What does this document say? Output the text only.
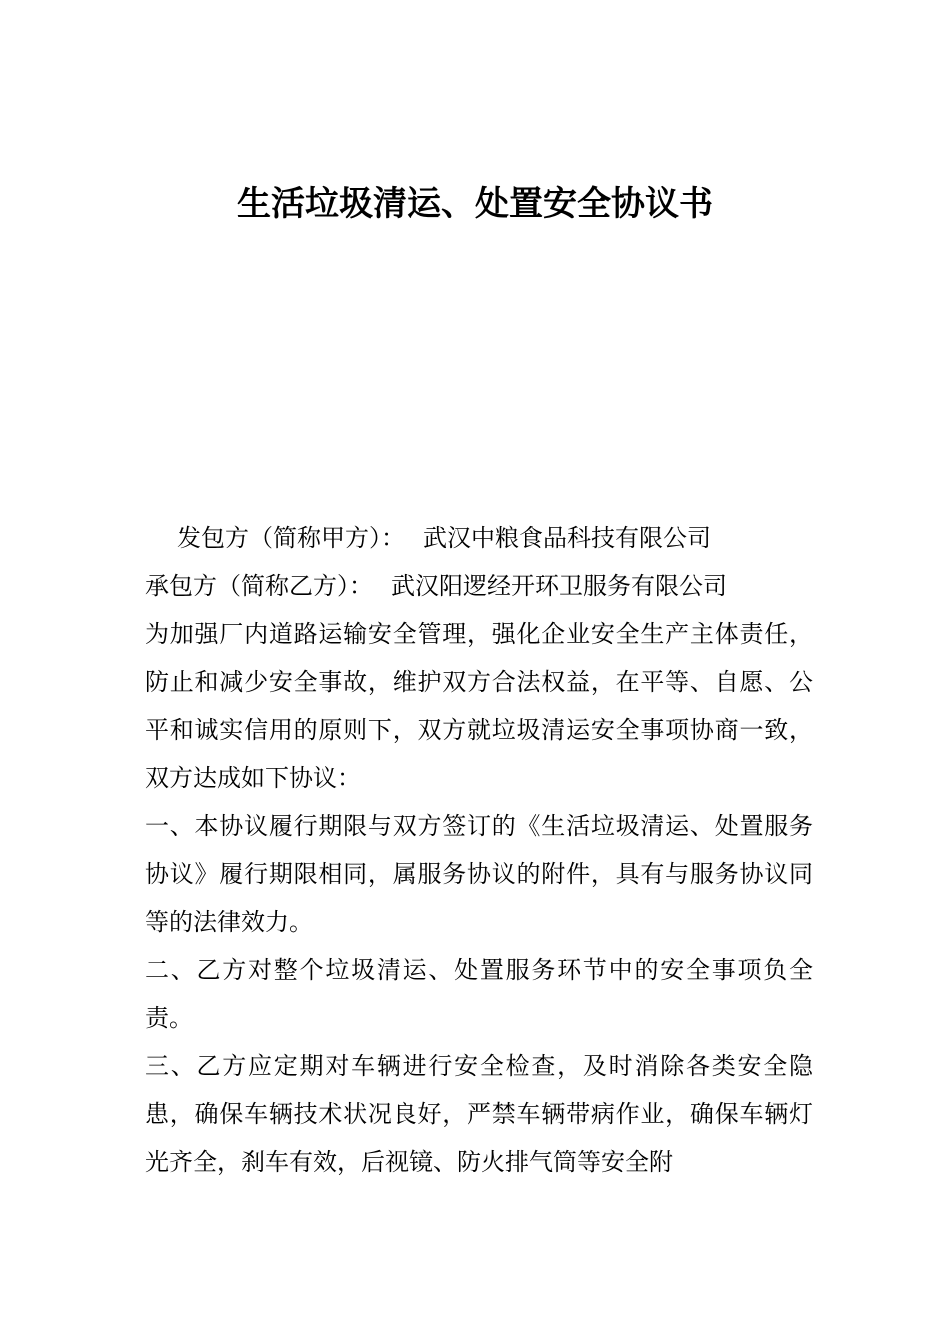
生活垃圾清运、处置安全协议书
发包方（简称甲方）： 武汉中粮食品科技有限公司
承包方（简称乙方）： 武汉阳逻经开环卫服务有限公司

为加强厂内道路运输安全管理，强化企业安全生产主体责任，防止和减少安全事故，维护双方合法权益，在平等、自愿、公平和诚实信用的原则下，双方就垃圾清运安全事项协商一致，双方达成如下协议：

一、本协议履行期限与双方签订的《生活垃圾清运、处置服务协议》履行期限相同，属服务协议的附件，具有与服务协议同等的法律效力。

二、乙方对整个垃圾清运、处置服务环节中的安全事项负全责。

三、乙方应定期对车辆进行安全检查，及时消除各类安全隐患，确保车辆技术状况良好，严禁车辆带病作业，确保车辆灯光齐全，刹车有效，后视镜、防火排气筒等安全附
